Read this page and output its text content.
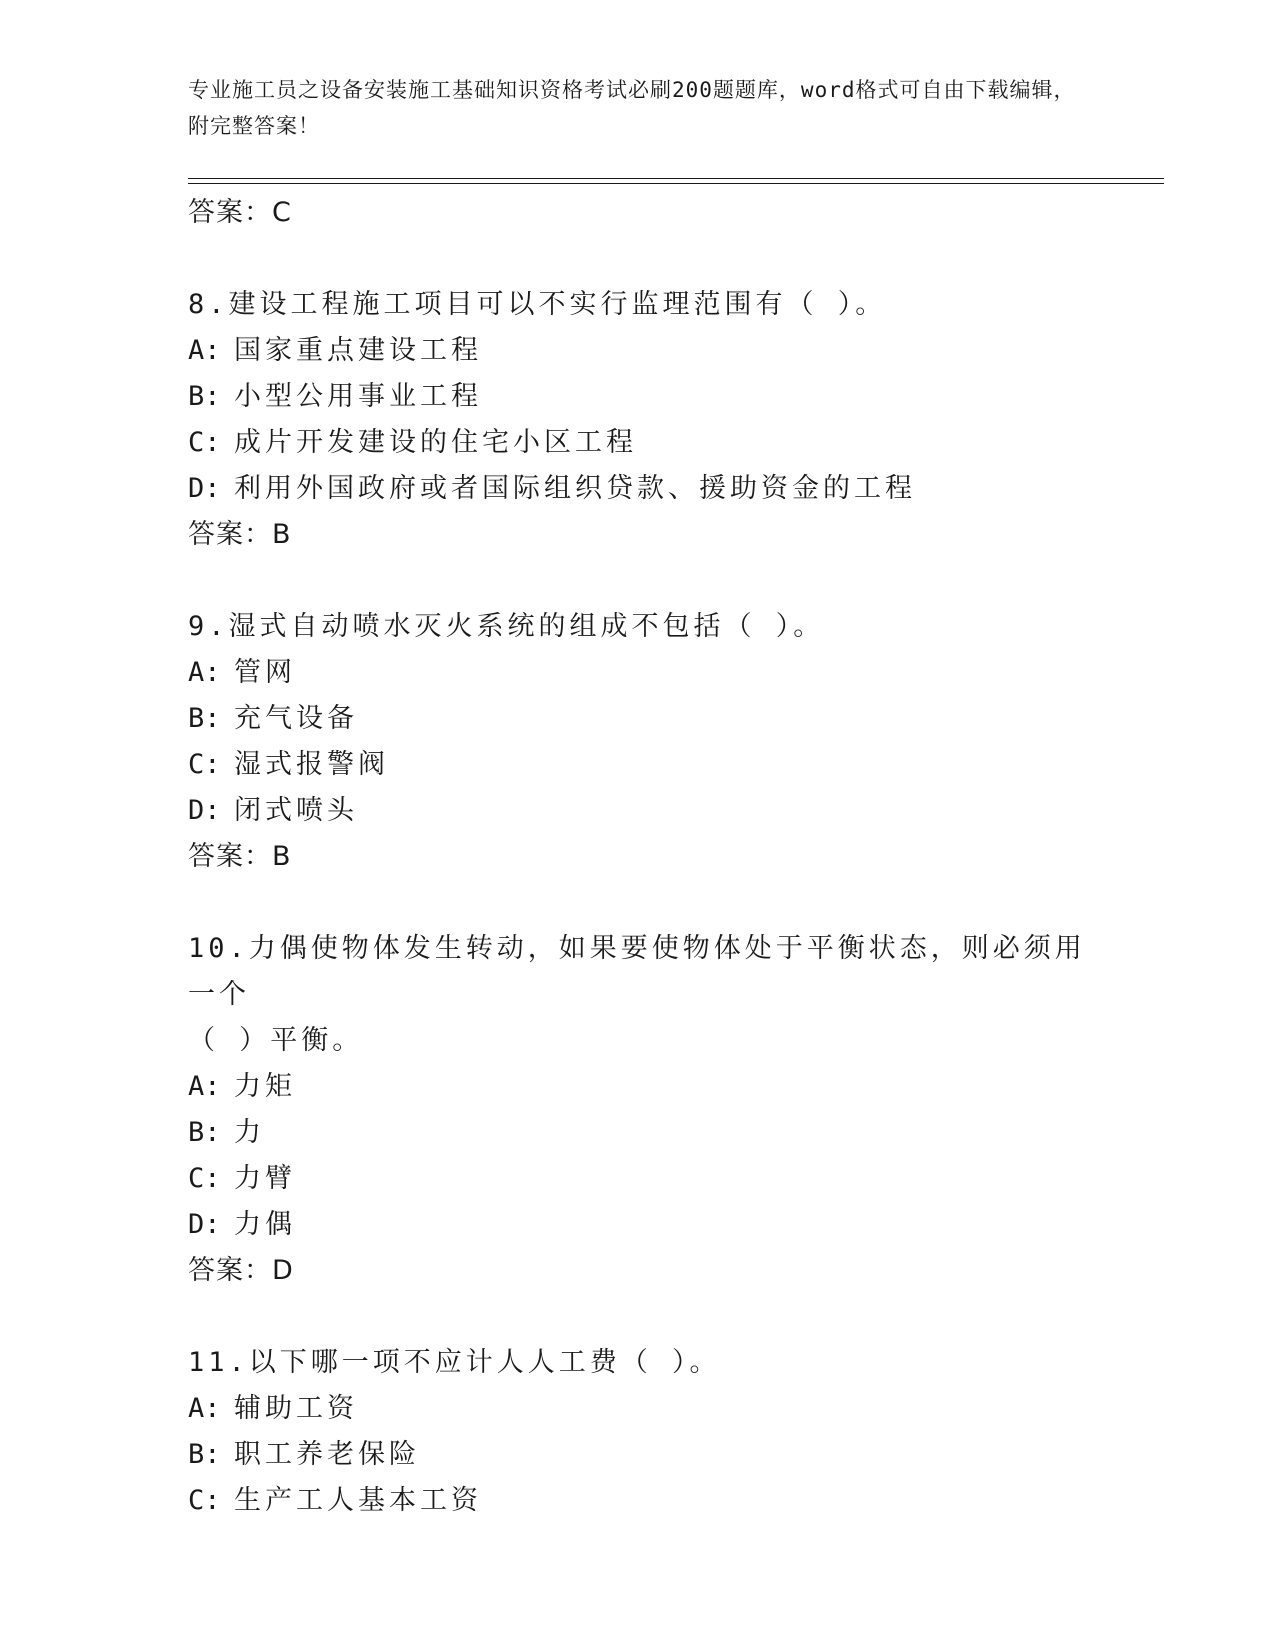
专业施工员之设备安装施工基础知识资格考试必刷200题题库，word格式可自由下载编辑，附完整答案！

答案：C

8.建设工程施工项目可以不实行监理范围有（ ）。

A: 国家重点建设工程

B: 小型公用事业工程

C: 成片开发建设的住宅小区工程

D: 利用外国政府或者国际组织贷款、援助资金的工程

答案：B

9.湿式自动喷水灭火系统的组成不包括（ ）。

A: 管网

B: 充气设备

C: 湿式报警阀

D: 闭式喷头

答案：B

10.力偶使物体发生转动，如果要使物体处于平衡状态，则必须用一个

（ ）平衡。

A: 力矩

B: 力

C: 力臂

D: 力偶

答案：D

11.以下哪一项不应计人人工费（ ）。

A: 辅助工资

B: 职工养老保险

C: 生产工人基本工资
